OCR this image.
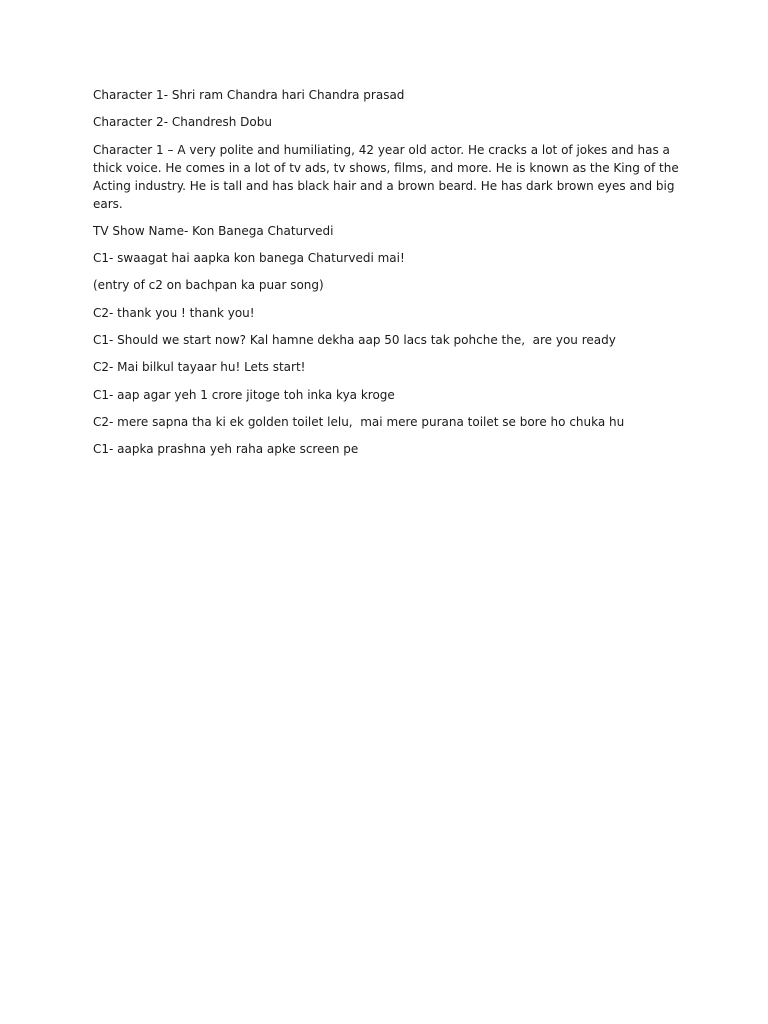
Character 1- Shri ram Chandra hari Chandra prasad

Character 2- Chandresh Dobu

Character 1 – A very polite and humiliating, 42 year old actor. He cracks a lot of jokes and has a thick voice. He comes in a lot of tv ads, tv shows, films, and more. He is known as the King of the Acting industry. He is tall and has black hair and a brown beard. He has dark brown eyes and big ears.

TV Show Name- Kon Banega Chaturvedi

C1- swaagat hai aapka kon banega Chaturvedi mai!

(entry of c2 on bachpan ka puar song)

C2- thank you ! thank you!

C1- Should we start now? Kal hamne dekha aap 50 lacs tak pohche the,  are you ready

C2- Mai bilkul tayaar hu! Lets start!

C1- aap agar yeh 1 crore jitoge toh inka kya kroge

C2- mere sapna tha ki ek golden toilet lelu,  mai mere purana toilet se bore ho chuka hu

C1- aapka prashna yeh raha apke screen pe
